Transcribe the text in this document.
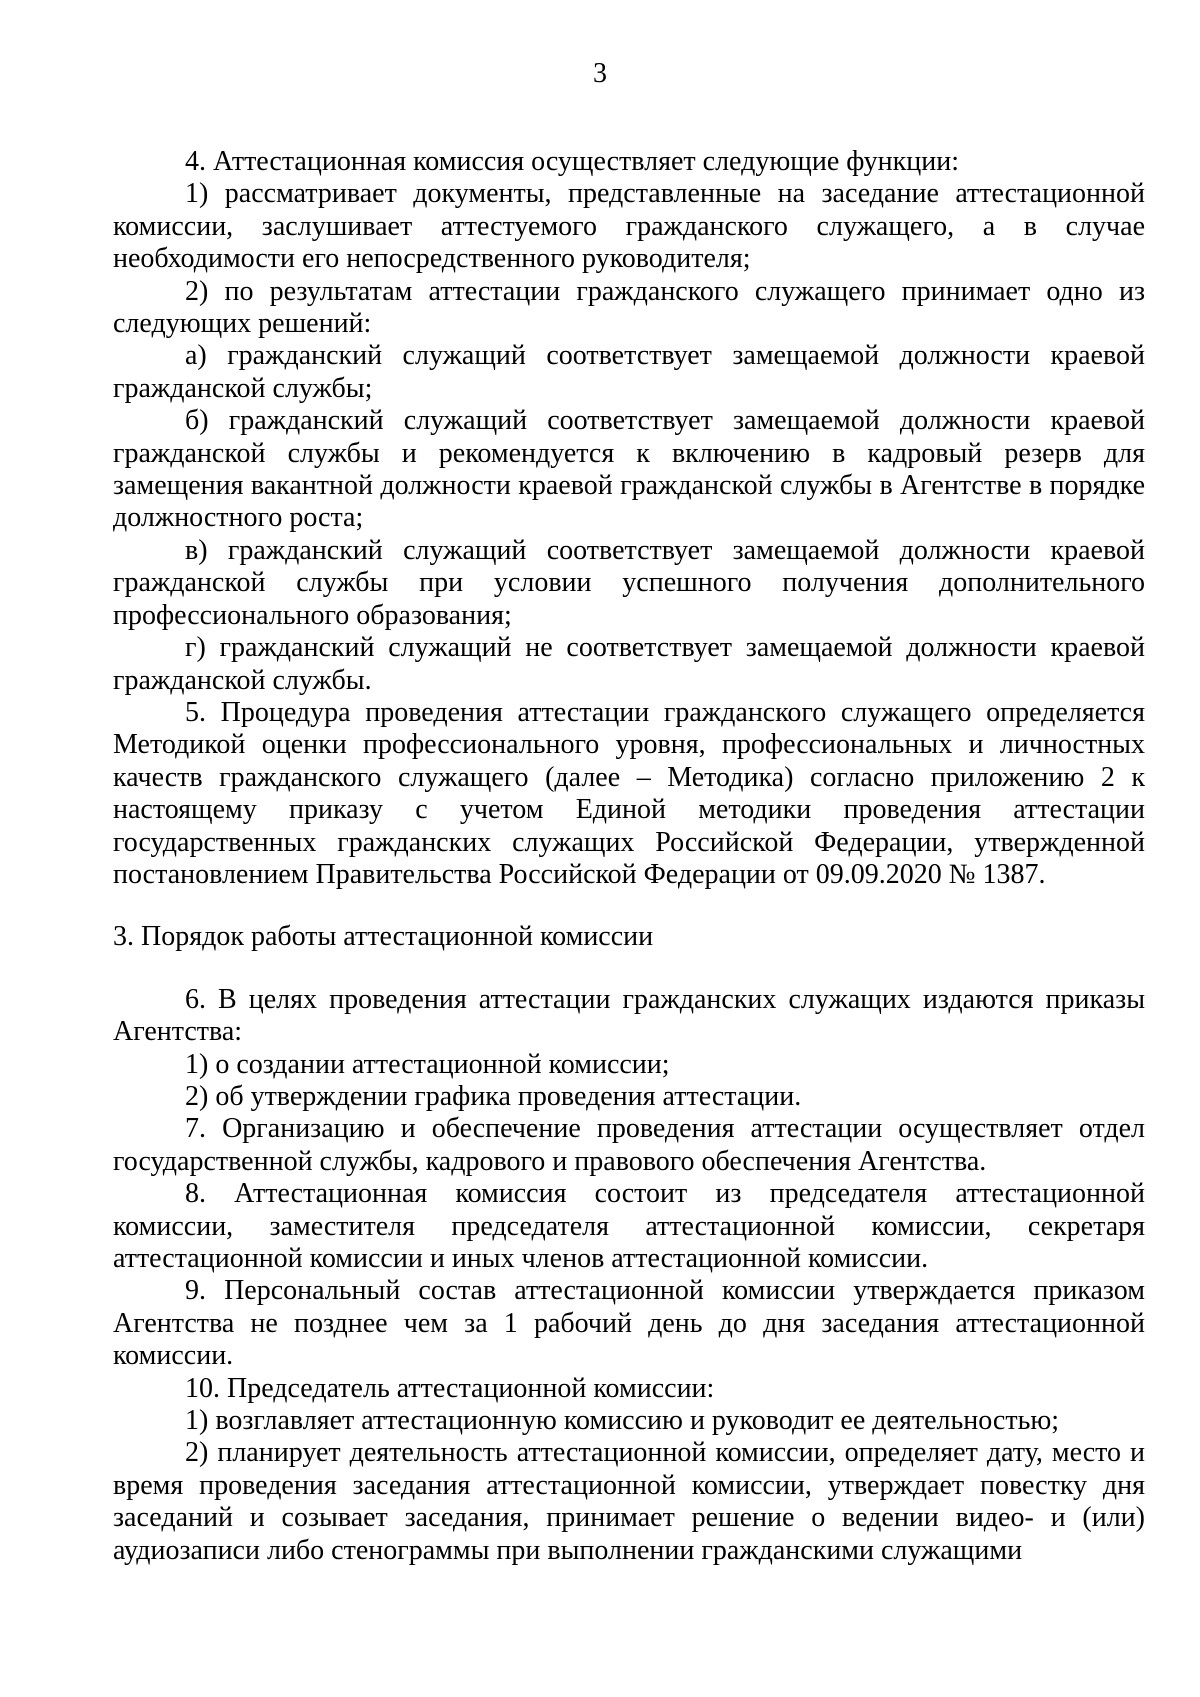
3

4. Аттестационная комиссия осуществляет следующие функции:

1) рассматривает документы, представленные на заседание аттестационной комиссии, заслушивает аттестуемого гражданского служащего, а в случае необходимости его непосредственного руководителя;

2) по результатам аттестации гражданского служащего принимает одно из следующих решений:

а) гражданский служащий соответствует замещаемой должности краевой гражданской службы;

б) гражданский служащий соответствует замещаемой должности краевой гражданской службы и рекомендуется к включению в кадровый резерв для замещения вакантной должности краевой гражданской службы в Агентстве в порядке должностного роста;

в) гражданский служащий соответствует замещаемой должности краевой гражданской службы при условии успешного получения дополнительного профессионального образования;

г) гражданский служащий не соответствует замещаемой должности краевой гражданской службы.

5. Процедура проведения аттестации гражданского служащего определяется Методикой оценки профессионального уровня, профессиональных и личностных качеств гражданского служащего (далее – Методика) согласно приложению 2 к настоящему приказу с учетом Единой методики проведения аттестации государственных гражданских служащих Российской Федерации, утвержденной постановлением Правительства Российской Федерации от 09.09.2020 № 1387.

3. Порядок работы аттестационной комиссии

6. В целях проведения аттестации гражданских служащих издаются приказы Агентства:

1) о создании аттестационной комиссии;

2) об утверждении графика проведения аттестации.

7. Организацию и обеспечение проведения аттестации осуществляет отдел государственной службы, кадрового и правового обеспечения Агентства.

8. Аттестационная комиссия состоит из председателя аттестационной комиссии, заместителя председателя аттестационной комиссии, секретаря аттестационной комиссии и иных членов аттестационной комиссии.

9. Персональный состав аттестационной комиссии утверждается приказом Агентства не позднее чем за 1 рабочий день до дня заседания аттестационной комиссии.

10. Председатель аттестационной комиссии:

1) возглавляет аттестационную комиссию и руководит ее деятельностью;

2) планирует деятельность аттестационной комиссии, определяет дату, место и время проведения заседания аттестационной комиссии, утверждает повестку дня заседаний и созывает заседания, принимает решение о ведении видео- и (или) аудиозаписи либо стенограммы при выполнении гражданскими служащими
